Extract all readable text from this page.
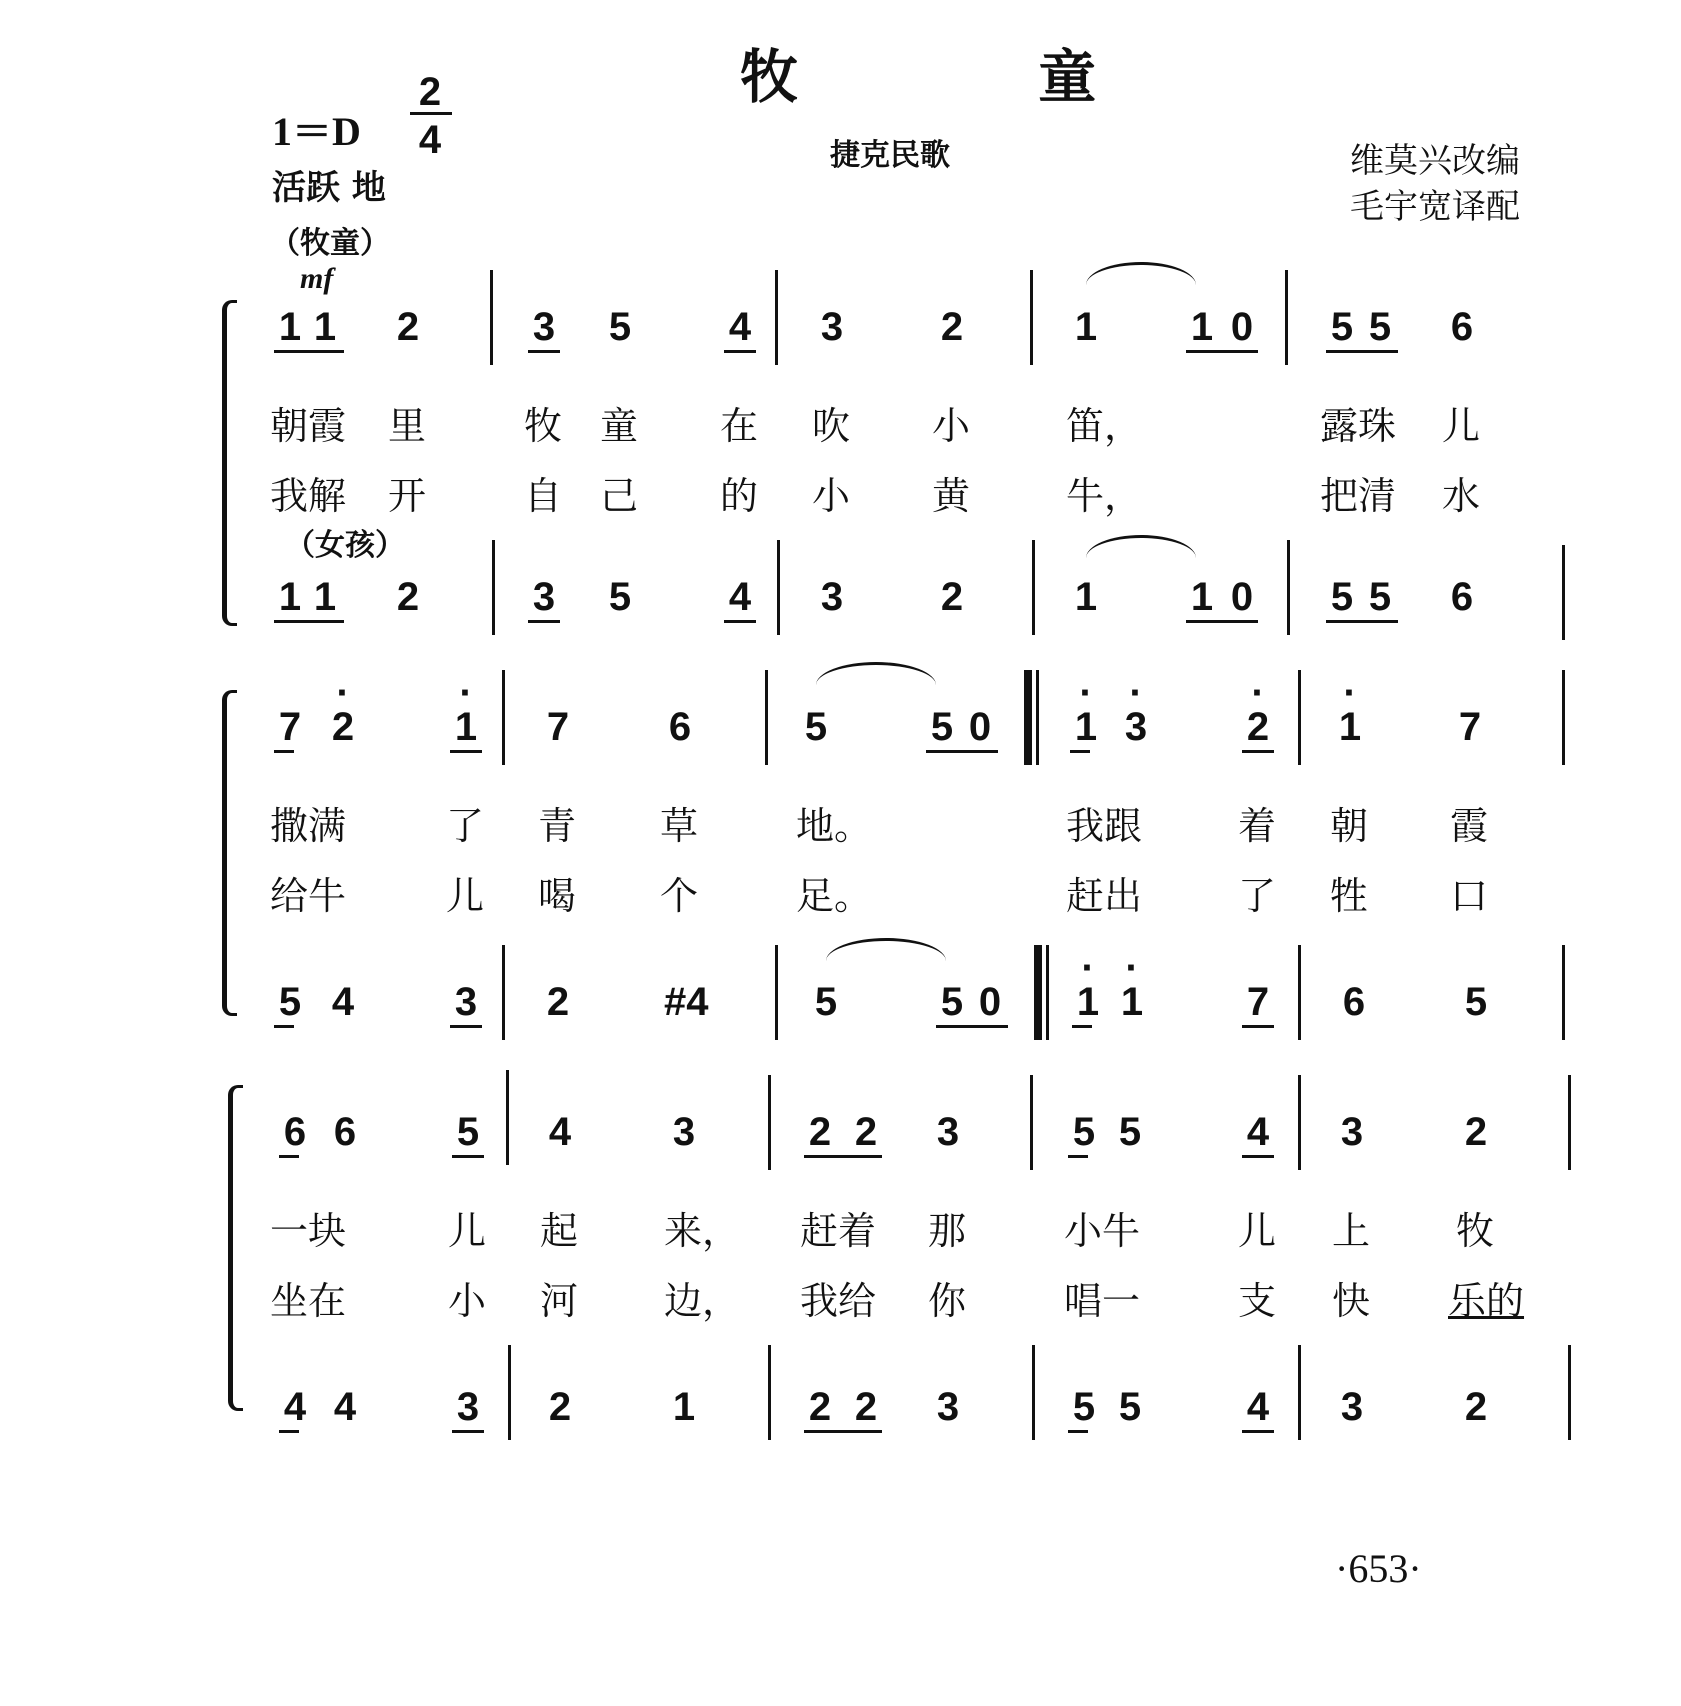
牧 童
1＝D
2
4
活跃 地
捷克民歌	维莫兴改编
毛宇宽译配
（牧童）
mf
1 1 2	3 5 4 3 2	1 1 0 5 5 6
朝霞 里	牧 童 在 吹 小	笛，	露珠 儿
我解 开	自 己 的 小 黄	牛，	把清 水
（女孩）
1 1 2	3 5 4 3 2	1 1 0 5 5 6
7 · 2	· 1 7 6	5	5 0 · 1 · 3 · 2 · 1 7
撒满	了 青 草	地。	我跟	着 朝 霞
给牛	儿 喝 个	足。	赶出	了 牲 口
5 4	3 2 #4	5	5 0 · 1 · 1	7 6 5
6 6	5 4	3	2 2 3	5 5	4 3	2
一块	儿 起 来， 赶着 那	小牛	儿 上 牧
坐在	小 河 边， 我给 你	唱一	支 快 乐的
4 4	3 2	1	2 2 3	5 5	4 3	2
·653·
